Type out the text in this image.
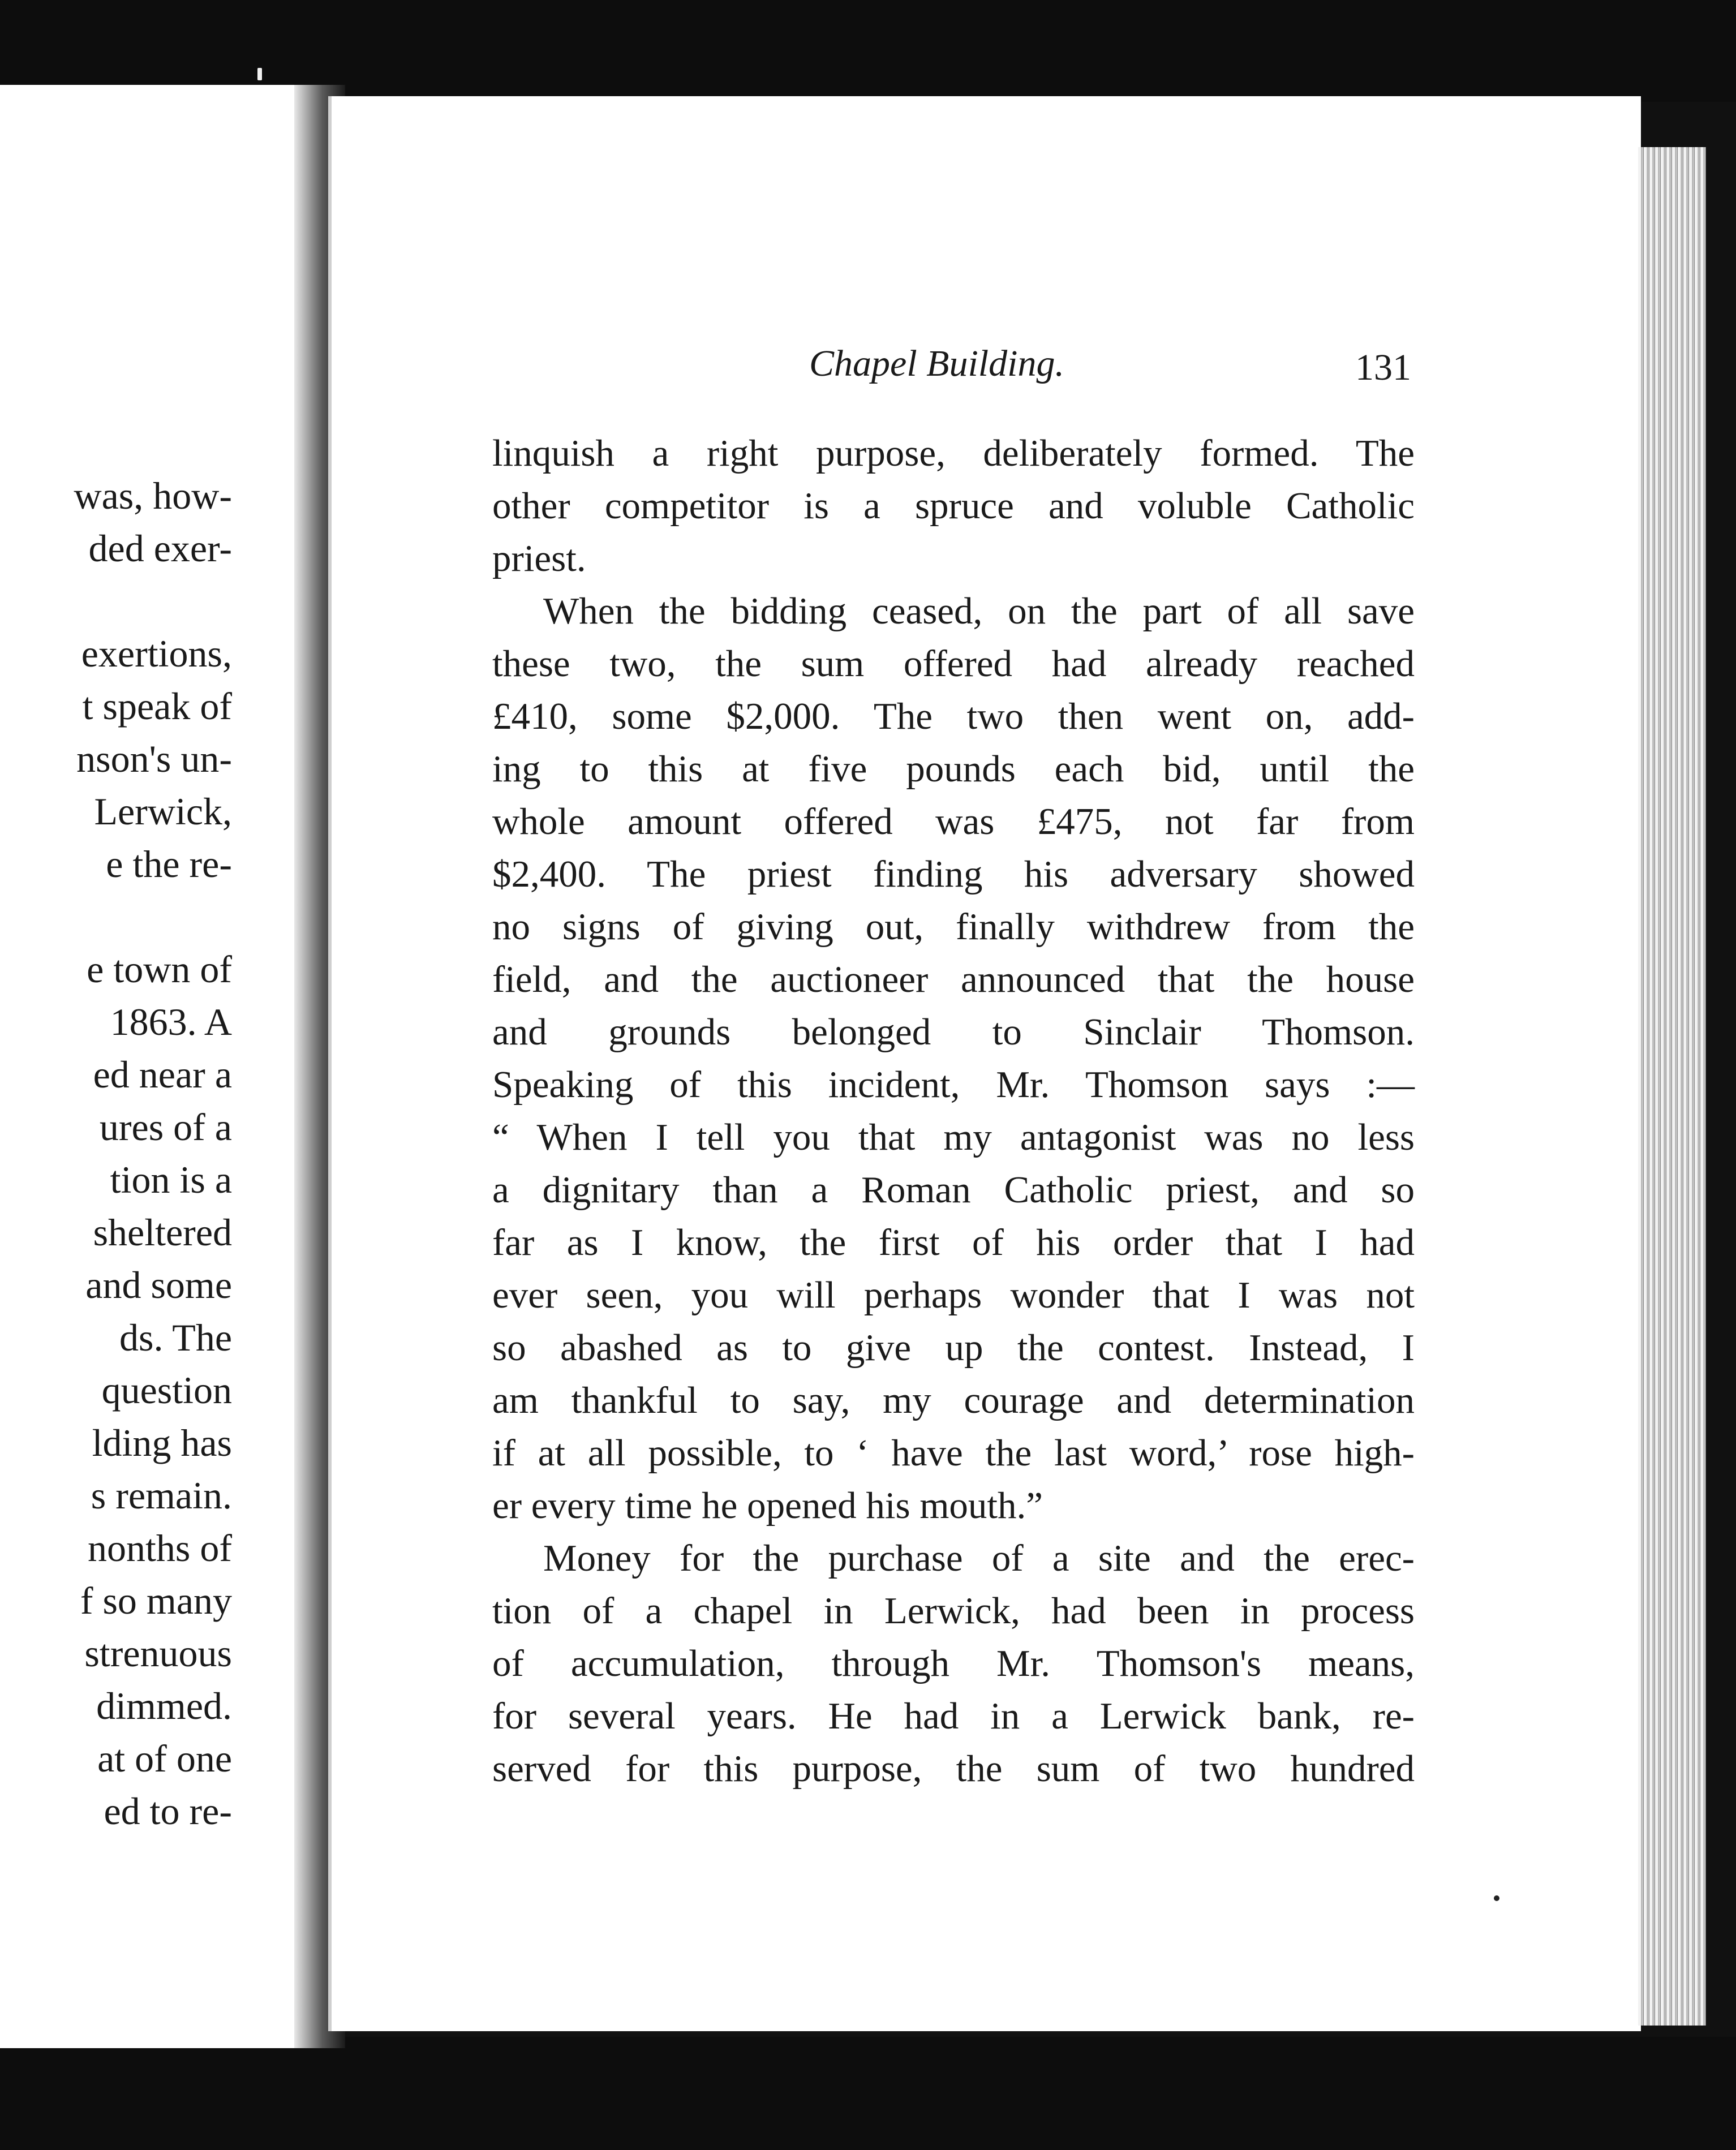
was, how-
ded exer-

exertions,
t speak of
nson's un-
Lerwick,
e the re-

e town of
1863. A
ed near a
ures of a
tion is a
sheltered
and some
ds. The
question
lding has
s remain.
nonths of
f so many
strenuous
dimmed.
at of one
ed to re-
Chapel Building.	131
linquish a right purpose, deliberately formed. The
other competitor is a spruce and voluble Catholic
priest.
When the bidding ceased, on the part of all save
these two, the sum offered had already reached
£410, some $2,000. The two then went on, add-
ing to this at five pounds each bid, until the
whole amount offered was £475, not far from
$2,400. The priest finding his adversary showed
no signs of giving out, finally withdrew from the
field, and the auctioneer announced that the house
and grounds belonged to Sinclair Thomson.
Speaking of this incident, Mr. Thomson says :—
“ When I tell you that my antagonist was no less
a dignitary than a Roman Catholic priest, and so
far as I know, the first of his order that I had
ever seen, you will perhaps wonder that I was not
so abashed as to give up the contest. Instead, I
am thankful to say, my courage and determination
if at all possible, to ‘ have the last word,’ rose high-
er every time he opened his mouth.”
Money for the purchase of a site and the erec-
tion of a chapel in Lerwick, had been in process
of accumulation, through Mr. Thomson's means,
for several years. He had in a Lerwick bank, re-
served for this purpose, the sum of two hundred
